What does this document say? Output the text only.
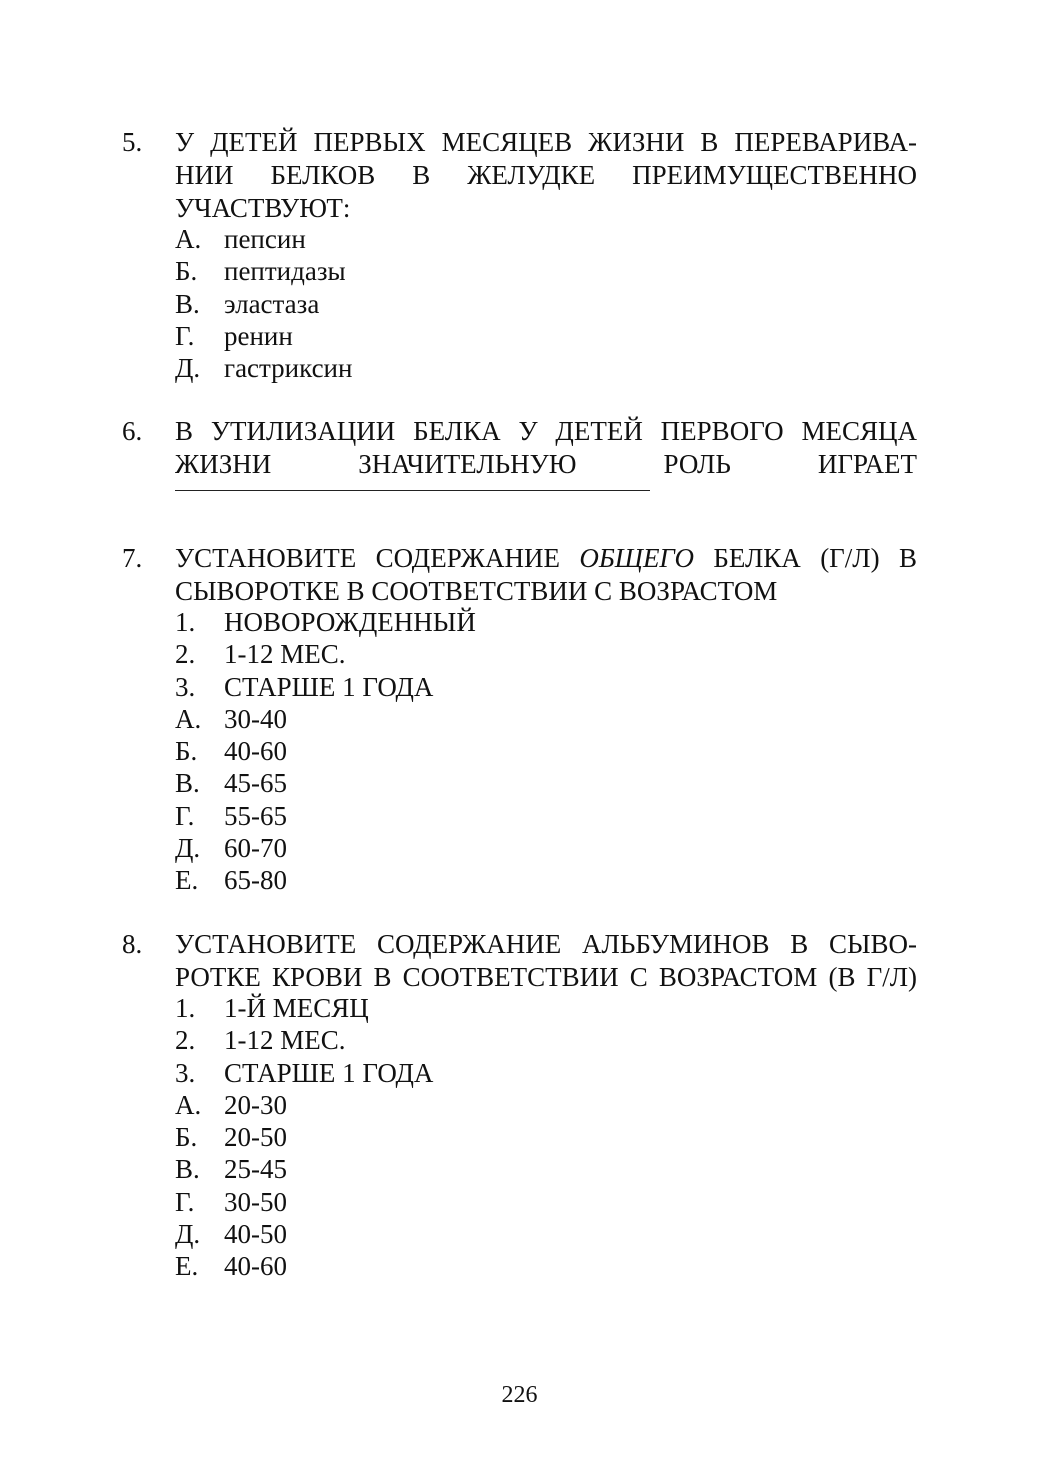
5. У ДЕТЕЙ ПЕРВЫХ МЕСЯЦЕВ ЖИЗНИ В ПЕРЕВАРИВА-
НИИ БЕЛКОВ В ЖЕЛУДКЕ ПРЕИМУЩЕСТВЕННО
УЧАСТВУЮТ:
А. пепсин
Б. пептидазы
В. эластаза
Г. ренин
Д. гастриксин
6. В УТИЛИЗАЦИИ БЕЛКА У ДЕТЕЙ ПЕРВОГО МЕСЯЦА
ЖИЗНИ ЗНАЧИТЕЛЬНУЮ РОЛЬ ИГРАЕТ
7. УСТАНОВИТЕ СОДЕРЖАНИЕ ОБЩЕГО БЕЛКА (Г/Л) В
СЫВОРОТКЕ В СООТВЕТСТВИИ С ВОЗРАСТОМ
1. НОВОРОЖДЕННЫЙ
2. 1-12 МЕС.
3. СТАРШЕ 1 ГОДА
А. 30-40
Б. 40-60
В. 45-65
Г. 55-65
Д. 60-70
Е. 65-80
8. УСТАНОВИТЕ СОДЕРЖАНИЕ АЛЬБУМИНОВ В СЫВО-
РОТКЕ КРОВИ В СООТВЕТСТВИИ С ВОЗРАСТОМ (В Г/Л)
1. 1-Й МЕСЯЦ
2. 1-12 МЕС.
3. СТАРШЕ 1 ГОДА
А. 20-30
Б. 20-50
В. 25-45
Г. 30-50
Д. 40-50
Е. 40-60
226
